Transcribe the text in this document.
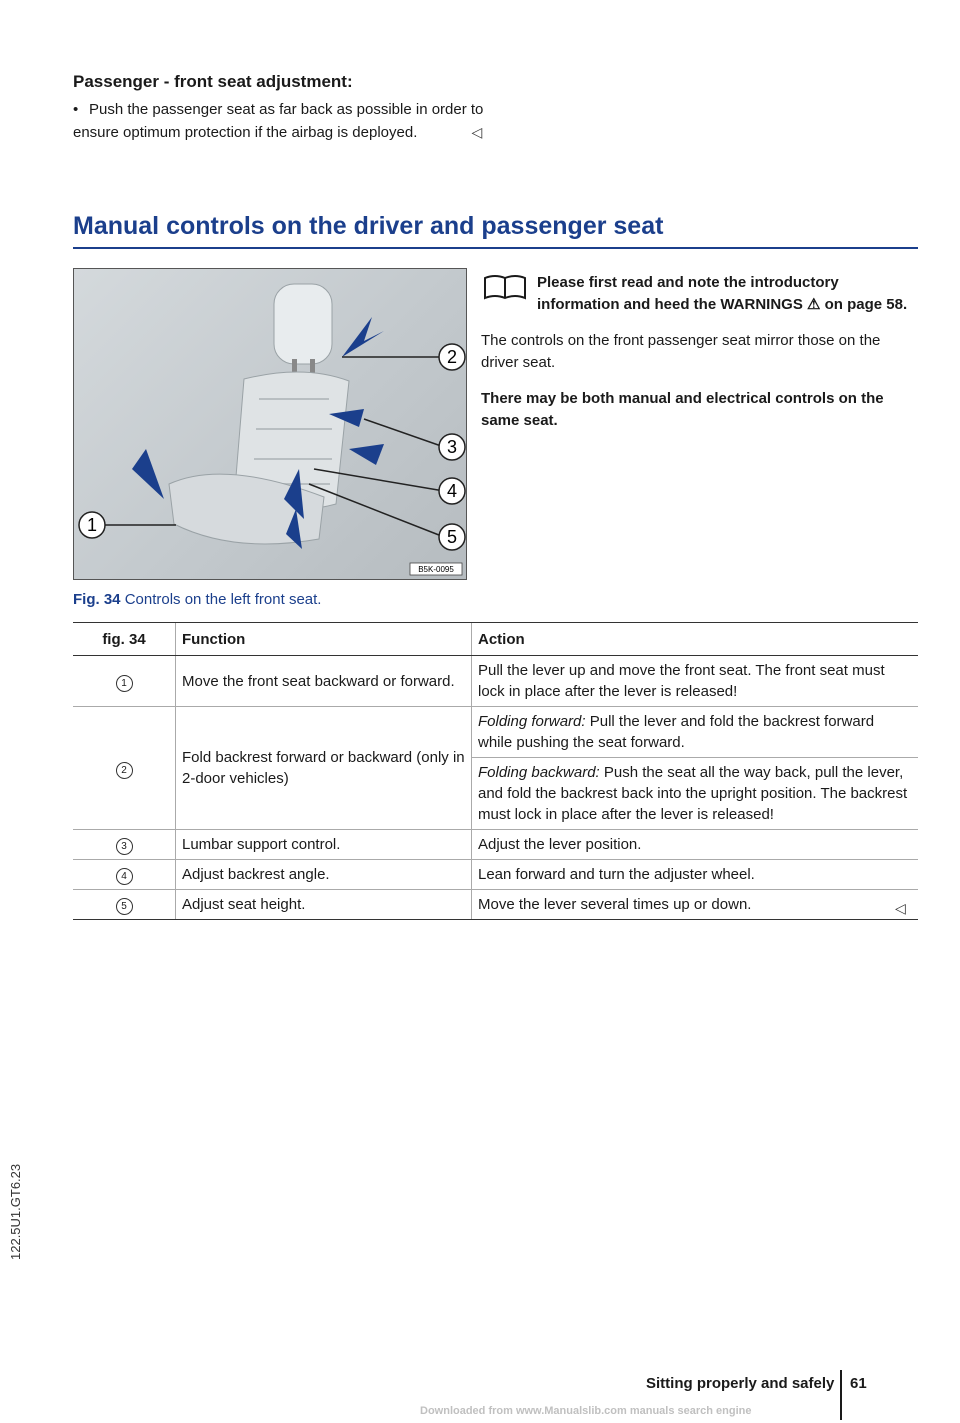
Passenger - front seat adjustment:
• Push the passenger seat as far back as possible in order to ensure optimum protection if the airbag is deployed.	◁
Manual controls on the driver and passenger seat
2
3
4
5
1
B5K-0095
Fig. 34 Controls on the left front seat.

Please first read and note the introductory information and heed the WARNINGS ⚠ on page 58.

The controls on the front passenger seat mirror those on the driver seat.

There may be both manual and electrical controls on the same seat.

fig. 34	Function	Action
1	Move the front seat backward or forward.	Pull the lever up and move the front seat. The front seat must lock in place after the lever is released!
2	Fold backrest forward or backward (only in 2-door vehicles)	Folding forward: Pull the lever and fold the backrest forward while pushing the seat forward.
Folding backward: Push the seat all the way back, pull the lever, and fold the backrest back into the upright position. The backrest must lock in place after the lever is released!

3	Lumbar support control.	Adjust the lever position.
4	Adjust backrest angle.	Lean forward and turn the adjuster wheel.
5	Adjust seat height.	Move the lever several times up or down.	◁
122.5U1.GT6.23
Sitting properly and safely 61
Downloaded from www.Manualslib.com manuals search engine
